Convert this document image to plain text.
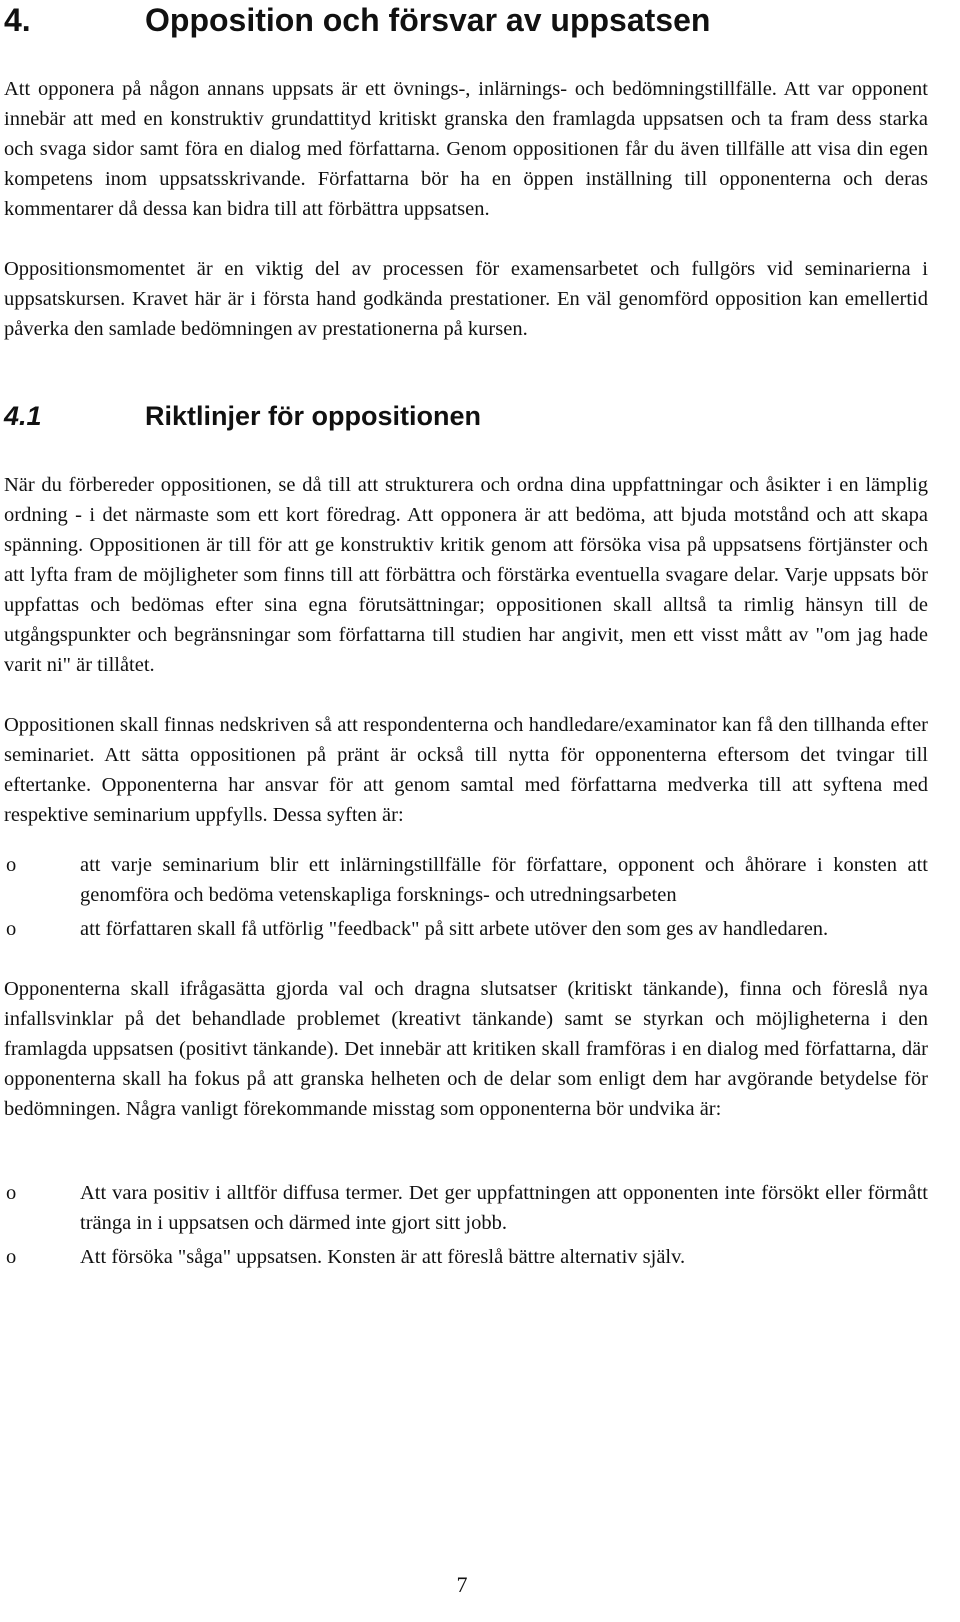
4.	Opposition och försvar av uppsatsen

Att opponera på någon annans uppsats är ett övnings-, inlärnings- och bedömningstillfälle. Att var opponent innebär att med en konstruktiv grundattityd kritiskt granska den framlagda uppsatsen och ta fram dess starka och svaga sidor samt föra en dialog med författarna. Genom oppositionen får du även tillfälle att visa din egen kompetens inom uppsatsskrivande. Författarna bör ha en öppen inställning till opponenterna och deras kommentarer då dessa kan bidra till att förbättra uppsatsen.

Oppositionsmomentet är en viktig del av processen för examensarbetet och fullgörs vid seminarierna i uppsatskursen. Kravet här är i första hand godkända prestationer. En väl genomförd opposition kan emellertid påverka den samlade bedömningen av prestationerna på kursen.

4.1	Riktlinjer för oppositionen

När du förbereder oppositionen, se då till att strukturera och ordna dina uppfattningar och åsikter i en lämplig ordning - i det närmaste som ett kort föredrag. Att opponera är att bedöma, att bjuda motstånd och att skapa spänning. Oppositionen är till för att ge konstruktiv kritik genom att försöka visa på uppsatsens förtjänster och att lyfta fram de möjligheter som finns till att förbättra och förstärka eventuella svagare delar. Varje uppsats bör uppfattas och bedömas efter sina egna förutsättningar; oppositionen skall alltså ta rimlig hänsyn till de utgångspunkter och begränsningar som författarna till studien har angivit, men ett visst mått av "om jag hade varit ni" är tillåtet.

Oppositionen skall finnas nedskriven så att respondenterna och handledare/examinator kan få den tillhanda efter seminariet. Att sätta oppositionen på pränt är också till nytta för opponenterna eftersom det tvingar till eftertanke. Opponenterna har ansvar för att genom samtal med författarna medverka till att syftena med respektive seminarium uppfylls. Dessa syften är:

o	att varje seminarium blir ett inlärningstillfälle för författare, opponent och åhörare i konsten att genomföra och bedöma vetenskapliga forsknings- och utredningsarbeten
o	att författaren skall få utförlig "feedback" på sitt arbete utöver den som ges av handledaren.

Opponenterna skall ifrågasätta gjorda val och dragna slutsatser (kritiskt tänkande), finna och föreslå nya infallsvinklar på det behandlade problemet (kreativt tänkande) samt se styrkan och möjligheterna i den framlagda uppsatsen (positivt tänkande). Det innebär att kritiken skall framföras i en dialog med författarna, där opponenterna skall ha fokus på att granska helheten och de delar som enligt dem har avgörande betydelse för bedömningen. Några vanligt förekommande misstag som opponenterna bör undvika är:

o	Att vara positiv i alltför diffusa termer. Det ger uppfattningen att opponenten inte försökt eller förmått tränga in i uppsatsen och därmed inte gjort sitt jobb.
o	Att försöka "såga" uppsatsen. Konsten är att föreslå bättre alternativ själv.
7
